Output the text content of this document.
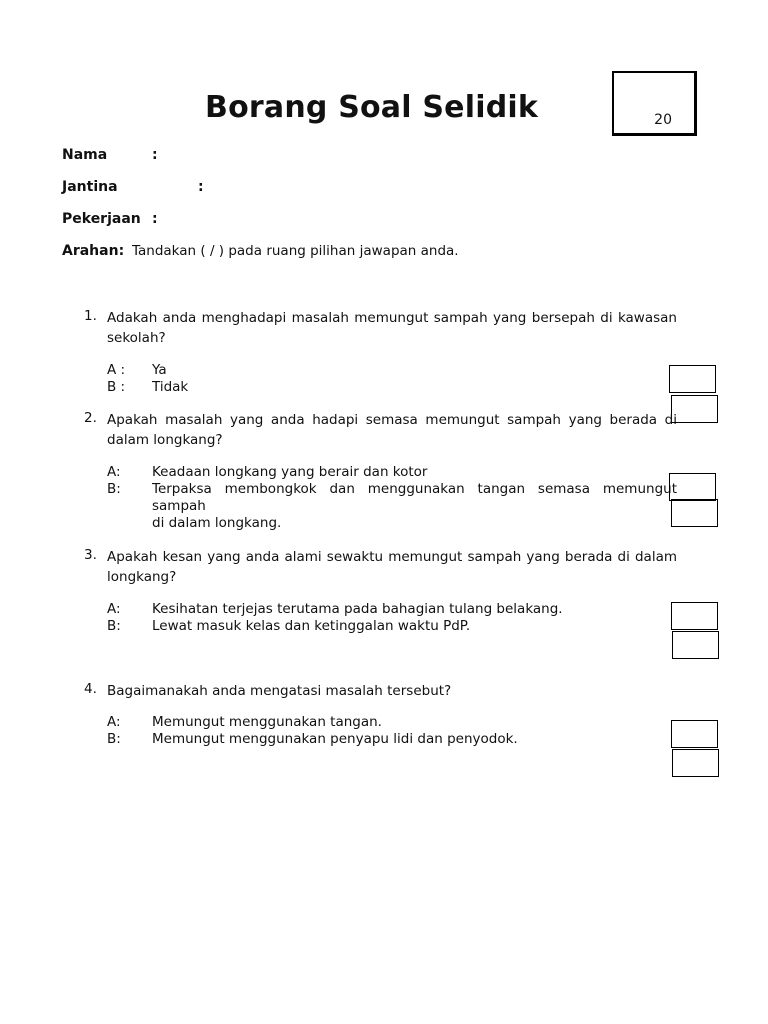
Borang Soal Selidik	20
Nama	:
Jantina	:
Pekerjaan :
Arahan: Tandakan ( / ) pada ruang pilihan jawapan anda.
1. Adakah anda menghadapi masalah memungut sampah yang bersepah di kawasan sekolah?
A : Ya
B : Tidak
2. Apakah masalah yang anda hadapi semasa memungut sampah yang berada di dalam longkang?
A: Keadaan longkang yang berair dan kotor
B: Terpaksa membongkok dan menggunakan tangan semasa memungut
sampah
di dalam longkang.
3. Apakah kesan yang anda alami sewaktu memungut sampah yang berada di dalam longkang?
A: Kesihatan terjejas terutama pada bahagian tulang belakang.
B: Lewat masuk kelas dan ketinggalan waktu PdP.
4. Bagaimanakah anda mengatasi masalah tersebut?
A: Memungut menggunakan tangan.
B: Memungut menggunakan penyapu lidi dan penyodok.
